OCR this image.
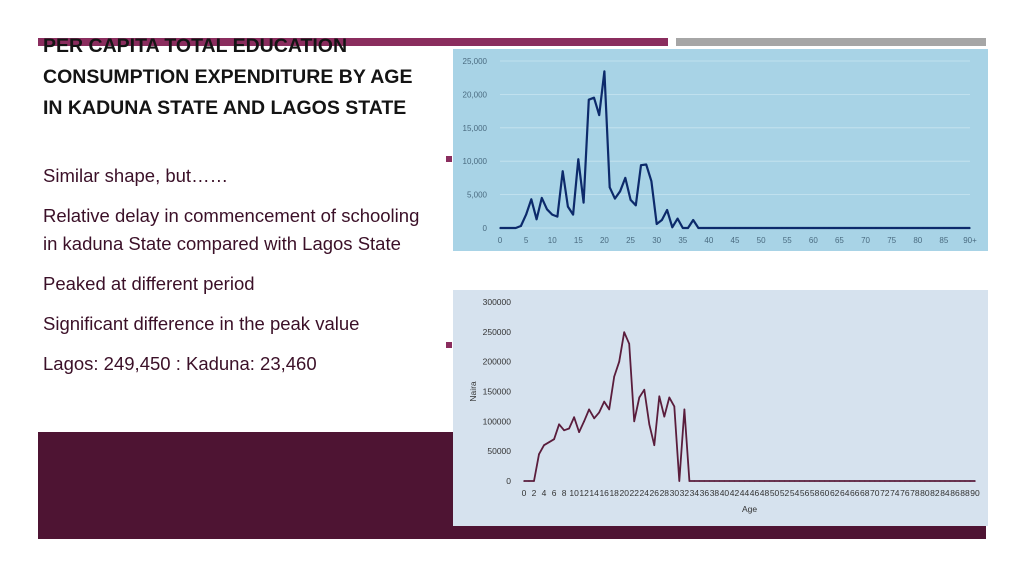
PER CAPITA TOTAL EDUCATION CONSUMPTION EXPENDITURE BY AGE IN KADUNA STATE AND LAGOS STATE
Similar shape, but……
Relative delay in commencement of schooling in kaduna State compared with Lagos State
Peaked at different period
Significant difference in the peak value
Lagos: 249,450 : Kaduna: 23,460
0
5,000
10,000
15,000
20,000
25,000
0	5 10 15 20 25 30 35 40 45 50 55 60 65 70 75 80 85 90+
0
50000
100000
150000
200000
250000
300000
0 2 4 6 8 10 12 14 16 18 20 22 24 26 28 30 32 34 36 38 40 42 44 46 48 50 52 54 56 58 60 62 64 66 68 70 72 74 76 78 80 82 84 86 88 90
Naira
Age
